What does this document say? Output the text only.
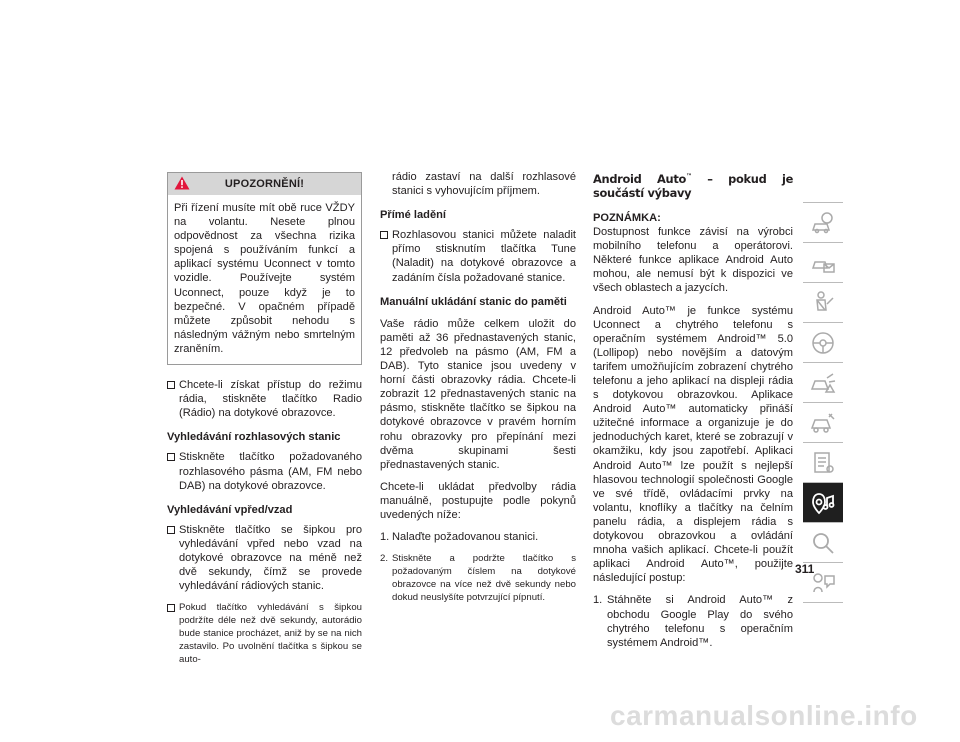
UPOZORNĚNÍ!

Při řízení musíte mít obě ruce VŽDY na volantu. Nesete plnou odpovědnost za všechna rizika spojená s používáním funkcí a aplikací systému Uconnect v tomto vozidle. Používejte systém Uconnect, pouze když je to bezpečné. V opačném případě můžete způsobit nehodu s následným vážným nebo smrtelným zraněním.

Chcete-li získat přístup do režimu rádia, stiskněte tlačítko Radio (Rádio) na dotykové obrazovce.

Vyhledávání rozhlasových stanic

Stiskněte tlačítko požadovaného rozhlasového pásma (AM, FM nebo DAB) na dotykové obrazovce.

Vyhledávání vpřed/vzad

Stiskněte tlačítko se šipkou pro vyhledávání vpřed nebo vzad na dotykové obrazovce na méně než dvě sekundy, čímž se provede vyhledávání rádiových stanic.
Pokud tlačítko vyhledávání s šipkou podržíte déle než dvě sekundy, autorádio bude stanice procházet, aniž by se na nich zastavilo. Po uvolnění tlačítka s šipkou se auto-

rádio zastaví na další rozhlasové stanici s vyhovujícím příjmem.

Přímé ladění

Rozhlasovou stanici můžete naladit přímo stisknutím tlačítka Tune (Naladit) na dotykové obrazovce a zadáním čísla požadované stanice.

Manuální ukládání stanic do paměti

Vaše rádio může celkem uložit do paměti až 36 přednastavených stanic, 12 předvoleb na pásmo (AM, FM a DAB). Tyto stanice jsou uvedeny v horní části obrazovky rádia. Chcete-li zobrazit 12 přednastavených stanic na pásmo, stiskněte tlačítko se šipkou na dotykové obrazovce v pravém horním rohu obrazovky pro přepínání mezi dvěma skupinami šesti přednastavených stanic.

Chcete-li ukládat předvolby rádia manuálně, postupujte podle pokynů uvedených níže:

1. Nalaďte požadovanou stanici.
2. Stiskněte a podržte tlačítko s požadovaným číslem na dotykové obrazovce na více než dvě sekundy nebo dokud neuslyšíte potvrzující pípnutí.

Android Auto™ – pokud je součástí výbavy

POZNÁMKA:

Dostupnost funkce závisí na výrobci mobilního telefonu a operátorovi. Některé funkce aplikace Android Auto mohou, ale nemusí být k dispozici ve všech oblastech a jazycích.

Android Auto™ je funkce systému Uconnect a chytrého telefonu s operačním systémem Android™ 5.0 (Lollipop) nebo novějším a datovým tarifem umožňujícím zobrazení chytrého telefonu a jeho aplikací na displeji rádia s dotykovou obrazovkou. Aplikace Android Auto™ automaticky přináší užitečné informace a organizuje je do jednoduchých karet, které se zobrazují v okamžiku, kdy jsou zapotřebí. Aplikaci Android Auto™ lze použít s nejlepší hlasovou technologií společnosti Google ve své třídě, ovládacími prvky na volantu, knoflíky a tlačítky na čelním panelu rádia, a displejem rádia s dotykovou obrazovkou a ovládání mnoha vašich aplikací. Chcete-li použít aplikaci Android Auto™, použijte následující postup:

1. Stáhněte si Android Auto™ z obchodu Google Play do svého chytrého telefonu s operačním systémem Android™.
311
carmanualsonline.info
